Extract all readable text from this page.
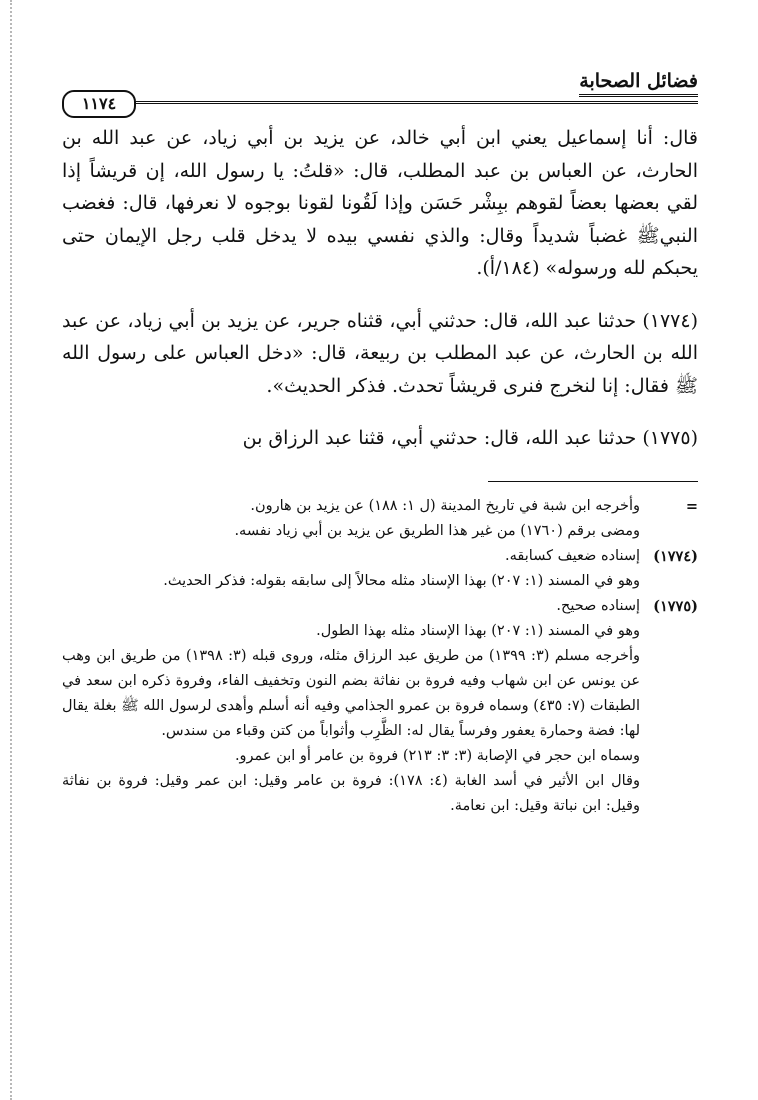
فضائل الصحابة
١١٧٤

قال: أنا إسماعيل يعني ابن أبي خالد، عن يزيد بن أبي زياد، عن عبد الله بن الحارث، عن العباس بن عبد المطلب، قال: «قلتُ: يا رسول الله، إن قريشاً إذا لقي بعضها بعضاً لقوهم ببِشْر حَسَن وإذا لَقُونا لقونا بوجوه لا نعرفها، قال: فغضب النبيﷺ غضباً شديداً وقال: والذي نفسي بيده لا يدخل قلب رجل الإيمان حتى يحبكم لله ورسوله» (١٨٤/أ).

(١٧٧٤) حدثنا عبد الله، قال: حدثني أبي، قثناه جرير، عن يزيد بن أبي زياد، عن عبد الله بن الحارث، عن عبد المطلب بن ربيعة، قال: «دخل العباس على رسول الله ﷺ فقال: إنا لنخرج فنرى قريشاً تحدث. فذكر الحديث».

(١٧٧٥) حدثنا عبد الله، قال: حدثني أبي، قثنا عبد الرزاق بن

=

وأخرجه ابن شبة في تاريخ المدينة (ل ١: ١٨٨) عن يزيد بن هارون.

ومضى برقم (١٧٦٠) من غير هذا الطريق عن يزيد بن أبي زياد نفسه.

(١٧٧٤)

إسناده ضعيف كسابقه.

وهو في المسند (١: ٢٠٧) بهذا الإسناد مثله محالاً إلى سابقه بقوله: فذكر الحديث.

(١٧٧٥)

إسناده صحيح.

وهو في المسند (١: ٢٠٧) بهذا الإسناد مثله بهذا الطول.

وأخرجه مسلم (٣: ١٣٩٩) من طريق عبد الرزاق مثله، وروى قبله (٣: ١٣٩٨) من طريق ابن وهب عن يونس عن ابن شهاب وفيه فروة بن نفاثة بضم النون وتخفيف الفاء، وفروة ذكره ابن سعد في الطبقات (٧: ٤٣٥) وسماه فروة بن عمرو الجذامي وفيه أنه أسلم وأهدى لرسول الله ﷺ بغلة يقال لها: فضة وحمارة يعفور وفرساً يقال له: الظَّرِب وأثواباً من كتن وقباء من سندس.

وسماه ابن حجر في الإصابة (٣: ٣: ٢١٣) فروة بن عامر أو ابن عمرو.

وقال ابن الأثير في أسد الغابة (٤: ١٧٨): فروة بن عامر وقيل: ابن عمر وقيل: فروة بن نفاثة وقيل: ابن نباتة وقيل: ابن نعامة.
